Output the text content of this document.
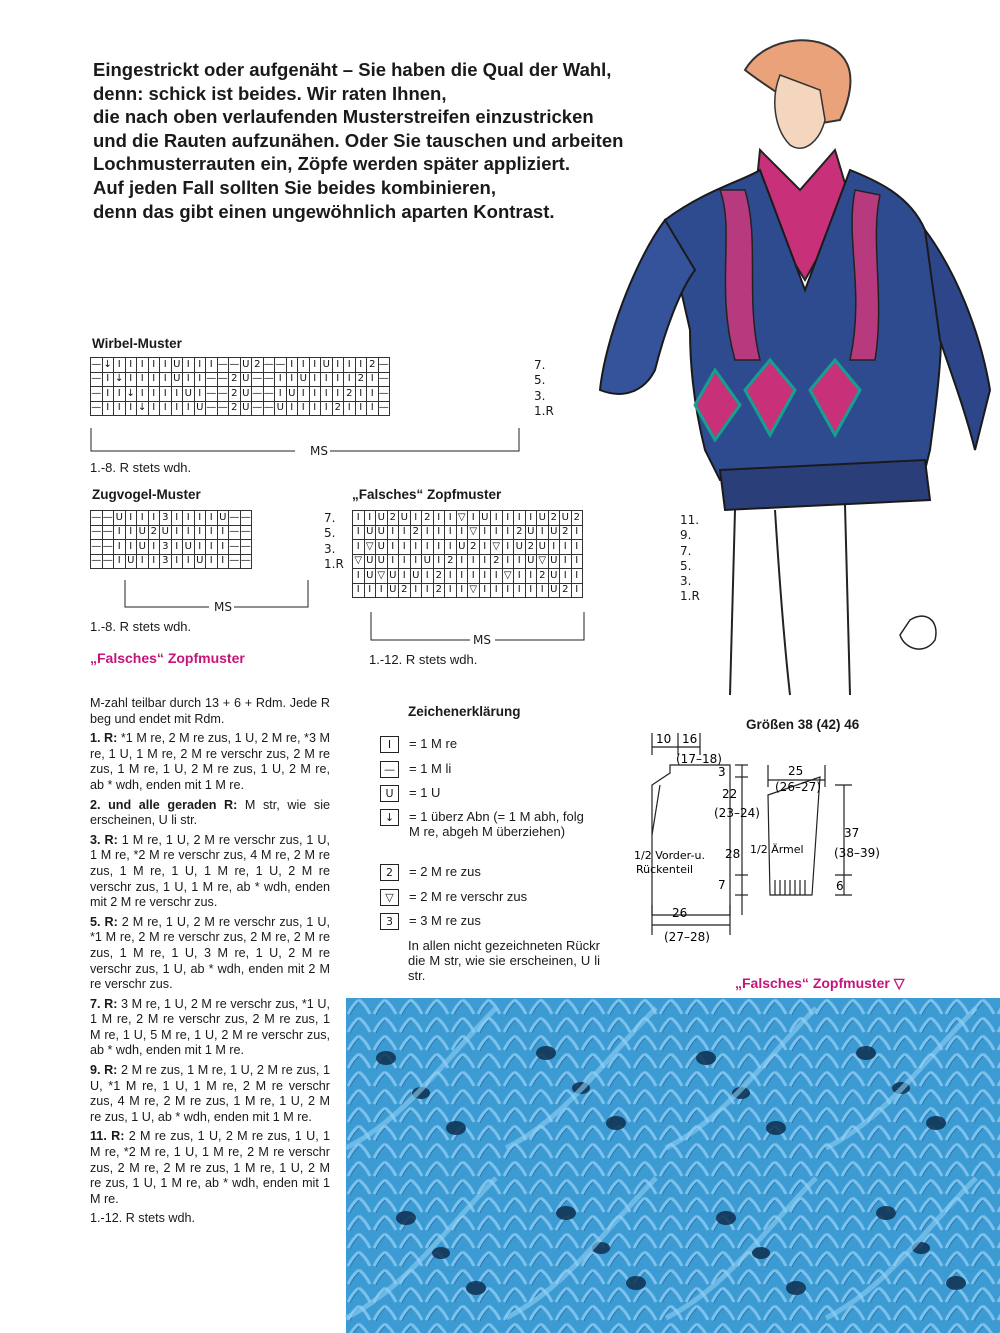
Eingestrickt oder aufgenäht – Sie haben die Qual der Wahl,
denn: schick ist beides. Wir raten Ihnen,
die nach oben verlaufenden Musterstreifen einzustricken
und die Rauten aufzunähen. Oder Sie tauschen und arbeiten
Lochmusterrauten ein, Zöpfe werden später appliziert.
Auf jeden Fall sollten Sie beides kombinieren,
denn das gibt einen ungewöhnlich aparten Kontrast.
Wirbel-Muster
—	↓	I	I	I	I	I	U	I	I	I	—	—	U	2	—	—	I	I	I	U	I	I	I	2	—
—	I	↓	I	I	I	I	U	I	I	—	—	2	U	—	—	I	I	U	I	I	I	I	2	I	—
—	I	I	↓	I	I	I	I	U	I	—	—	2	U	—	—	I	U	I	I	I	I	2	I	I	—
—	I	I	I	↓	I	I	I	I	U	—	—	2	U	—	—	U	I	I	I	I	2	I	I	I	—
7.
5.
3.
1.R
MS
1.-8. R stets wdh.
Zugvogel-Muster
—	—	U	I	I	I	3	I	I	I	I	U	—	—
—	—	I	I	U	2	U	I	I	I	I	I	—	—
—	—	I	I	U	I	3	I	U	I	I	I	—	—
—	—	I	U	I	I	3	I	I	U	I	I	—	—
7.
5.
3.
1.R
MS
1.-8. R stets wdh.
„Falsches“ Zopfmuster
I	I	U	2	U	I	2	I	I	▽	I	U	I	I	I	I	U	2	U	2
I	U	U	I	I	2	I	I	I	I	▽	I	I	I	2	U	I	U	2	I
I	▽	U	I	I	I	I	I	I	U	2	I	▽	I	U	2	U	I	I	I
▽	U	U	I	I	I	U	I	2	I	I	I	2	I	I	U	▽	U	I	I
I	U	▽	U	I	U	I	2	I	I	I	I	I	▽	I	I	2	U	I	I
I	I	I	U	2	I	I	2	I	I	▽	I	I	I	I	I	I	U	2	I
11.
9.
7.
5.
3.
1.R
MS
1.-12. R stets wdh.
„Falsches“ Zopfmuster

M-zahl teilbar durch 13 + 6 + Rdm. Jede R beg und endet mit Rdm.

1. R: *1 M re, 2 M re zus, 1 U, 2 M re, *3 M re, 1 U, 1 M re, 2 M re verschr zus, 2 M re zus, 1 M re, 1 U, 2 M re zus, 1 U, 2 M re, ab * wdh, enden mit 1 M re.

2. und alle geraden R: M str, wie sie erscheinen, U li str.

3. R: 1 M re, 1 U, 2 M re verschr zus, 1 U, 1 M re, *2 M re verschr zus, 4 M re, 2 M re zus, 1 M re, 1 U, 1 M re, 1 U, 2 M re verschr zus, 1 U, 1 M re, ab * wdh, enden mit 2 M re verschr zus.

5. R: 2 M re, 1 U, 2 M re verschr zus, 1 U, *1 M re, 2 M re verschr zus, 2 M re, 2 M re zus, 1 M re, 1 U, 3 M re, 1 U, 2 M re verschr zus, 1 U, ab * wdh, enden mit 2 M re verschr zus.

7. R: 3 M re, 1 U, 2 M re verschr zus, *1 U, 1 M re, 2 M re verschr zus, 2 M re zus, 1 M re, 1 U, 5 M re, 1 U, 2 M re verschr zus, ab * wdh, enden mit 1 M re.

9. R: 2 M re zus, 1 M re, 1 U, 2 M re zus, 1 U, *1 M re, 1 U, 1 M re, 2 M re verschr zus, 4 M re, 2 M re zus, 1 M re, 1 U, 2 M re zus, 1 U, ab * wdh, enden mit 1 M re.

11. R: 2 M re zus, 1 U, 2 M re zus, 1 U, 1 M re, *2 M re, 1 U, 1 M re, 2 M re verschr zus, 2 M re, 2 M re zus, 1 M re, 1 U, 2 M re zus, 1 U, 1 M re, ab * wdh, enden mit 1 M re.

1.-12. R stets wdh.

Zeichenerklärung
I	= 1 M re
—	= 1 M li
U	= 1 U
↓	= 1 überz Abn (= 1 M abh, folg M re, abgeh M überziehen)
2	= 2 M re zus
▽	= 2 M re verschr zus
3	= 3 M re zus
In allen nicht gezeichneten Rückr die M str, wie sie erscheinen, U li str.
Größen 38 (42) 46
10 16
(17–18)
3
22
(23–24)
28
7
26
(27–28)
25
(26–27)
37
(38–39)
6
1/2 Vorder-u.
Rückenteil
1/2 Ärmel
„Falsches“ Zopfmuster ▽
